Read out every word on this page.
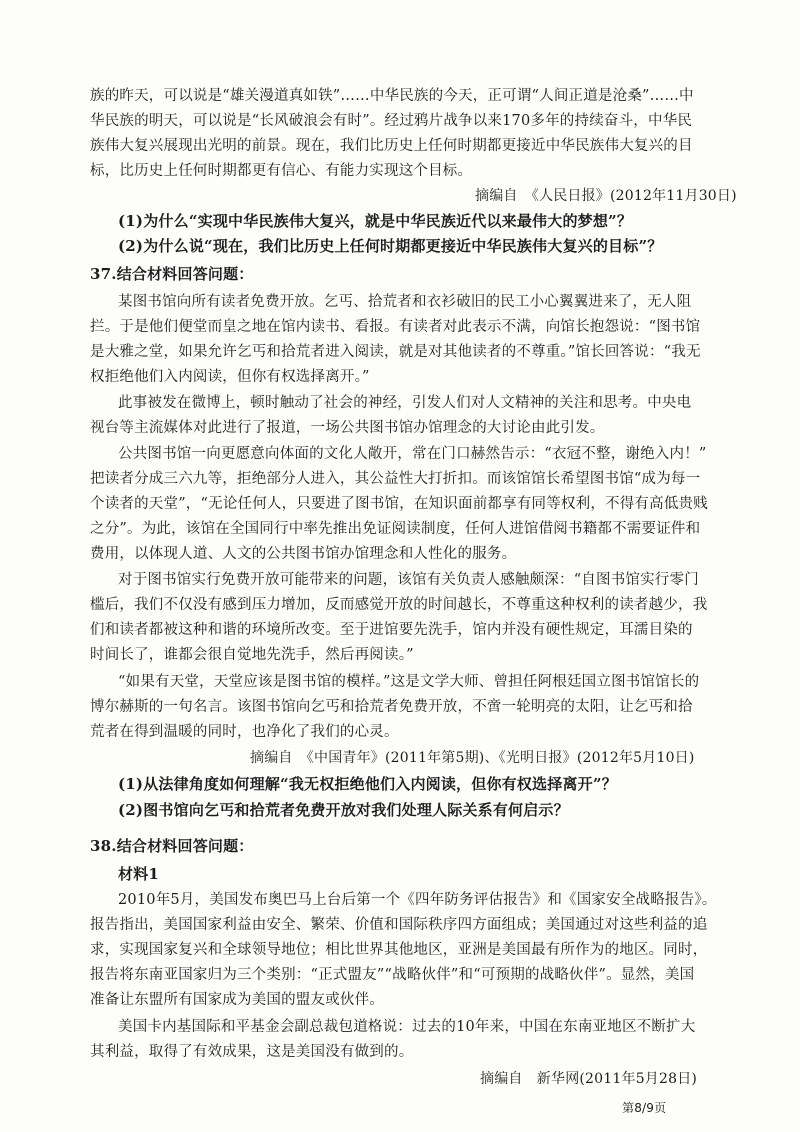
族的昨天，可以说是“雄关漫道真如铁”……中华民族的今天，正可谓“人间正道是沧桑”……中
华民族的明天，可以说是“长风破浪会有时”。经过鸦片战争以来170多年的持续奋斗，中华民
族伟大复兴展现出光明的前景。现在，我们比历史上任何时期都更接近中华民族伟大复兴的目
标，比历史上任何时期都更有信心、有能力实现这个目标。
摘编自　《人民日报》(2012年11月30日)
(1)为什么“实现中华民族伟大复兴，就是中华民族近代以来最伟大的梦想”？
(2)为什么说“现在，我们比历史上任何时期都更接近中华民族伟大复兴的目标”？
37.结合材料回答问题：
某图书馆向所有读者免费开放。乞丐、拾荒者和衣衫破旧的民工小心翼翼进来了，无人阻
拦。于是他们便堂而皇之地在馆内读书、看报。有读者对此表示不满，向馆长抱怨说：“图书馆
是大雅之堂，如果允许乞丐和拾荒者进入阅读，就是对其他读者的不尊重。”馆长回答说：“我无
权拒绝他们入内阅读，但你有权选择离开。”
此事被发在微博上，顿时触动了社会的神经，引发人们对人文精神的关注和思考。中央电
视台等主流媒体对此进行了报道，一场公共图书馆办馆理念的大讨论由此引发。
公共图书馆一向更愿意向体面的文化人敞开，常在门口赫然告示：“衣冠不整，谢绝入内！”
把读者分成三六九等，拒绝部分人进入，其公益性大打折扣。而该馆馆长希望图书馆“成为每一
个读者的天堂”，“无论任何人，只要进了图书馆，在知识面前都享有同等权利，不得有高低贵贱
之分”。为此，该馆在全国同行中率先推出免证阅读制度，任何人进馆借阅书籍都不需要证件和
费用，以体现人道、人文的公共图书馆办馆理念和人性化的服务。
对于图书馆实行免费开放可能带来的问题，该馆有关负责人感触颇深：“自图书馆实行零门
槛后，我们不仅没有感到压力增加，反而感觉开放的时间越长，不尊重这种权利的读者越少，我
们和读者都被这种和谐的环境所改变。至于进馆要先洗手，馆内并没有硬性规定，耳濡目染的
时间长了，谁都会很自觉地先洗手，然后再阅读。”
“如果有天堂，天堂应该是图书馆的模样。”这是文学大师、曾担任阿根廷国立图书馆馆长的
博尔赫斯的一句名言。该图书馆向乞丐和拾荒者免费开放，不啻一轮明亮的太阳，让乞丐和拾
荒者在得到温暖的同时，也净化了我们的心灵。
摘编自　《中国青年》(2011年第5期)、《光明日报》(2012年5月10日)
(1)从法律角度如何理解“我无权拒绝他们入内阅读，但你有权选择离开”？
(2)图书馆向乞丐和拾荒者免费开放对我们处理人际关系有何启示？
38.结合材料回答问题：
材料1
2010年5月，美国发布奥巴马上台后第一个《四年防务评估报告》和《国家安全战略报告》。
报告指出，美国国家利益由安全、繁荣、价值和国际秩序四方面组成；美国通过对这些利益的追
求，实现国家复兴和全球领导地位；相比世界其他地区，亚洲是美国最有所作为的地区。同时，
报告将东南亚国家归为三个类别：“正式盟友”“战略伙伴”和“可预期的战略伙伴”。显然，美国
准备让东盟所有国家成为美国的盟友或伙伴。
美国卡内基国际和平基金会副总裁包道格说：过去的10年来，中国在东南亚地区不断扩大
其利益，取得了有效成果，这是美国没有做到的。
摘编自　新华网(2011年5月28日)
第8/9页
